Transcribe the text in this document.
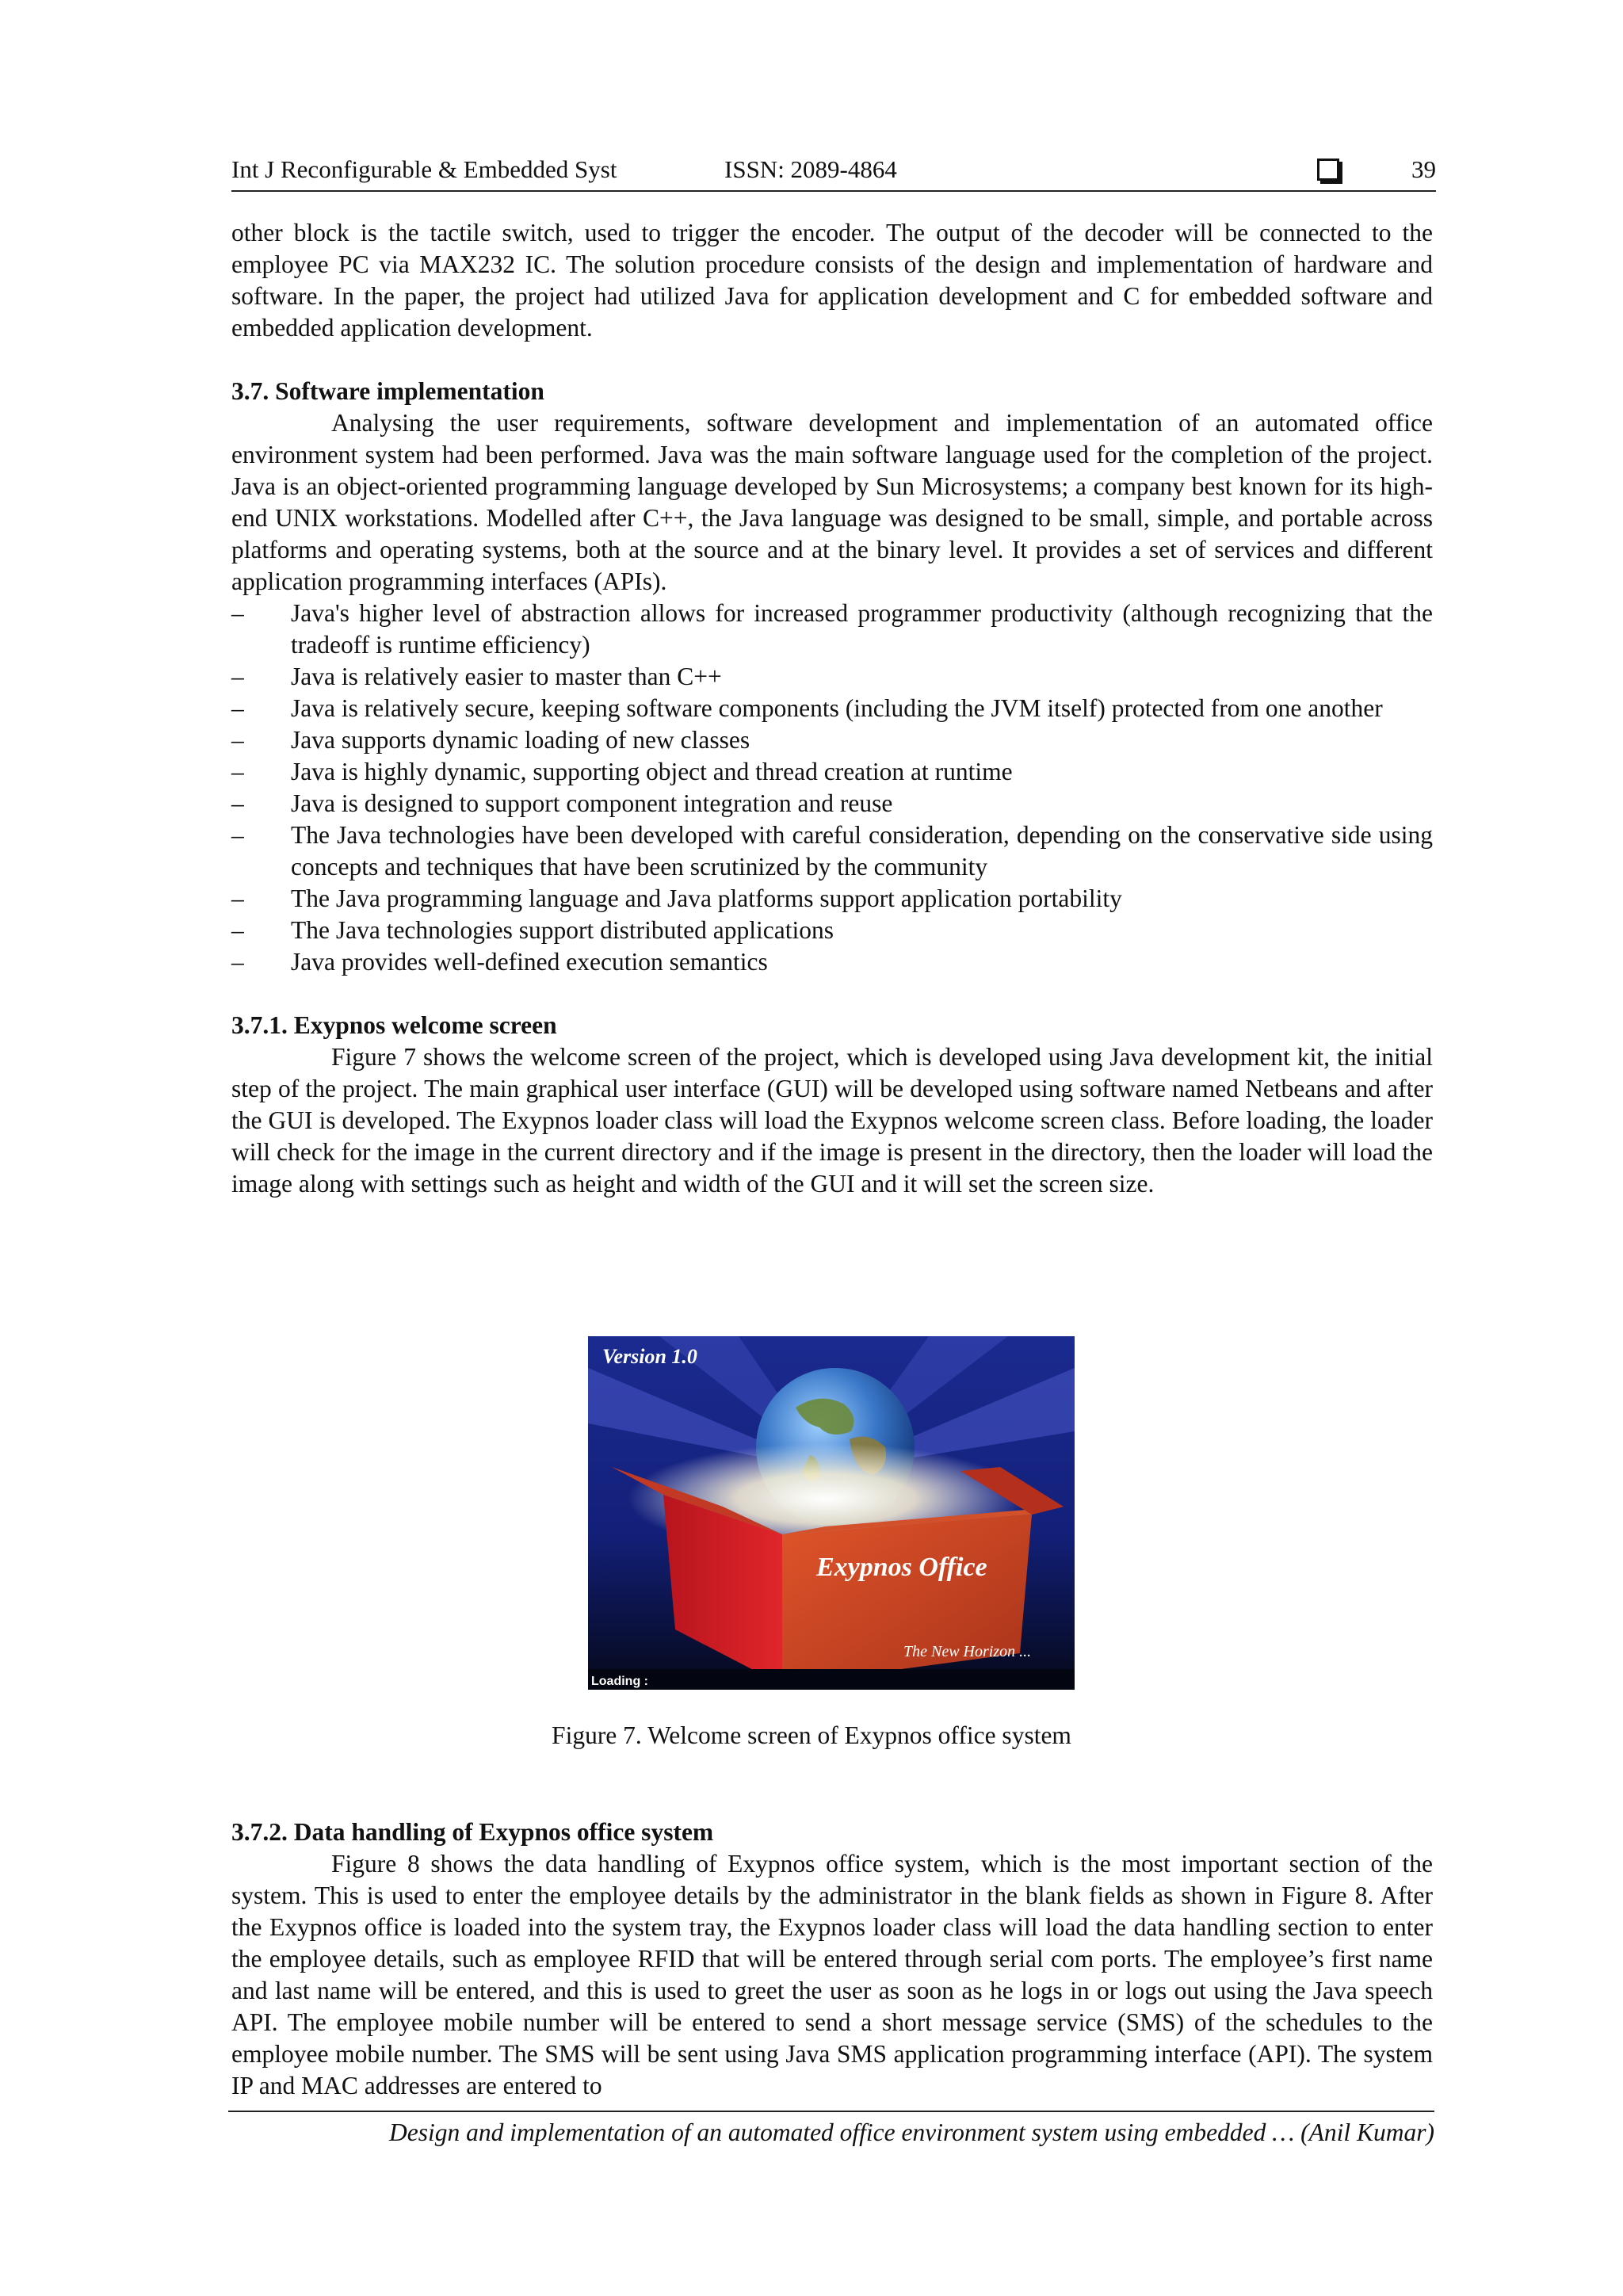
Int J Reconfigurable & Embedded Syst	ISSN: 2089-4864	39

other block is the tactile switch, used to trigger the encoder. The output of the decoder will be connected to the employee PC via MAX232 IC. The solution procedure consists of the design and implementation of hardware and software. In the paper, the project had utilized Java for application development and C for embedded software and embedded application development.

3.7. Software implementation

Analysing the user requirements, software development and implementation of an automated office environment system had been performed. Java was the main software language used for the completion of the project. Java is an object-oriented programming language developed by Sun Microsystems; a company best known for its high-end UNIX workstations. Modelled after C++, the Java language was designed to be small, simple, and portable across platforms and operating systems, both at the source and at the binary level. It provides a set of services and different application programming interfaces (APIs).

– Java's higher level of abstraction allows for increased programmer productivity (although recognizing that the tradeoff is runtime efficiency)
– Java is relatively easier to master than C++
– Java is relatively secure, keeping software components (including the JVM itself) protected from one another
– Java supports dynamic loading of new classes
– Java is highly dynamic, supporting object and thread creation at runtime
– Java is designed to support component integration and reuse
– The Java technologies have been developed with careful consideration, depending on the conservative side using concepts and techniques that have been scrutinized by the community
– The Java programming language and Java platforms support application portability
– The Java technologies support distributed applications
– Java provides well-defined execution semantics
3.7.1. Exypnos welcome screen

Figure 7 shows the welcome screen of the project, which is developed using Java development kit, the initial step of the project. The main graphical user interface (GUI) will be developed using software named Netbeans and after the GUI is developed. The Exypnos loader class will load the Exypnos welcome screen class. Before loading, the loader will check for the image in the current directory and if the image is present in the directory, then the loader will load the image along with settings such as height and width of the GUI and it will set the screen size.

Version 1.0
Exypnos Office
The New Horizon ...
Loading :
Figure 7. Welcome screen of Exypnos office system
3.7.2. Data handling of Exypnos office system

Figure 8 shows the data handling of Exypnos office system, which is the most important section of the system. This is used to enter the employee details by the administrator in the blank fields as shown in Figure 8. After the Exypnos office is loaded into the system tray, the Exypnos loader class will load the data handling section to enter the employee details, such as employee RFID that will be entered through serial com ports. The employee’s first name and last name will be entered, and this is used to greet the user as soon as he logs in or logs out using the Java speech API. The employee mobile number will be entered to send a short message service (SMS) of the schedules to the employee mobile number. The SMS will be sent using Java SMS application programming interface (API). The system IP and MAC addresses are entered to

Design and implementation of an automated office environment system using embedded … (Anil Kumar)
